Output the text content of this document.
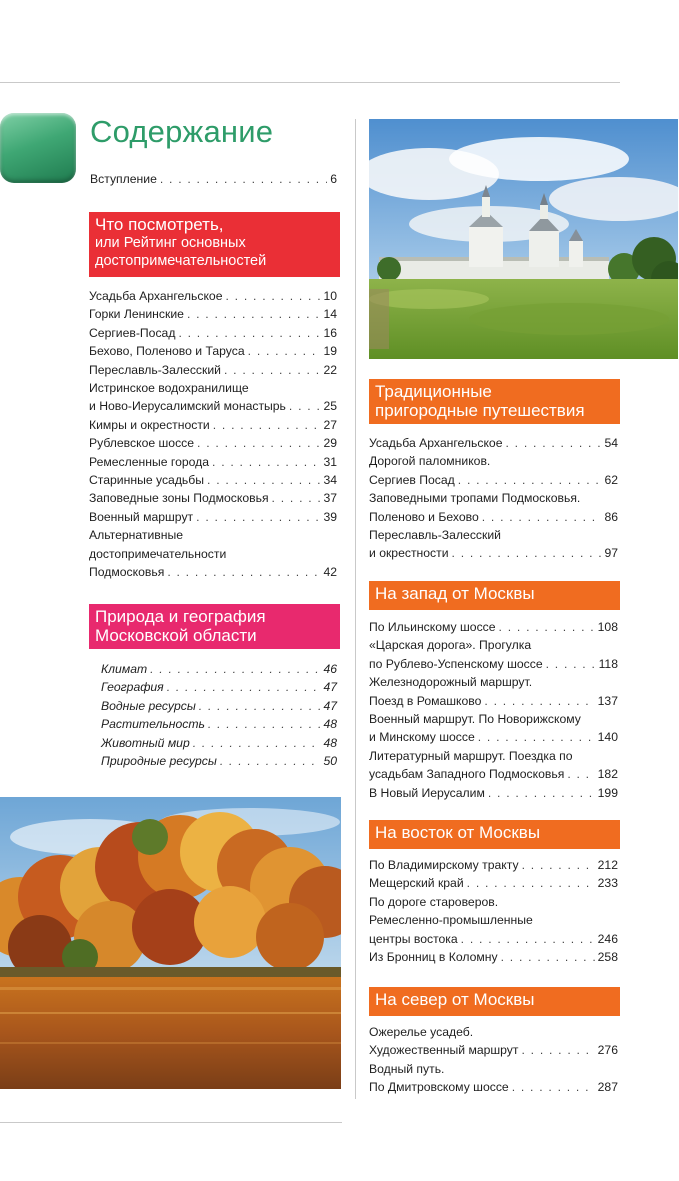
Содержание
Вступление . . .	6
Что посмотреть,
или Рейтинг основных
достопримечательностей
Усадьба Архангельское . . .	10
Горки Ленинские . . .	14
Сергиев-Посад . . .	16
Бехово, Поленово и Таруса . . .	19
Переславль-Залесский . . .	22
Истринское водохранилище
и Ново-Иерусалимский монастырь . . .	25
Кимры и окрестности . . .	27
Рублевское шоссе . . .	29
Ремесленные города . . .	31
Старинные усадьбы . . .	34
Заповедные зоны Подмосковья . . .	37
Военный маршрут . . .	39
Альтернативные
достопримечательности
Подмосковья . . .	42
Природа и география
Московской области
Климат . . .	46
География . . .	47
Водные ресурсы . . .	47
Растительность . . .	48
Животный мир . . .	48
Природные ресурсы . . .	50
Традиционные
пригородные путешествия
Усадьба Архангельское . . .	54
Дорогой паломников.
Сергиев Посад . . .	62
Заповедными тропами Подмосковья.
Поленово и Бехово . . .	86
Переславль-Залесский
и окрестности . . .	97
На запад от Москвы
По Ильинскому шоссе . . .	108
«Царская дорога». Прогулка
по Рублево-Успенскому шоссе . . .	118
Железнодорожный маршрут.
Поезд в Ромашково . . .	137
Военный маршрут. По Новорижскому
и Минскому шоссе . . .	140
Литературный маршрут. Поездка по
усадьбам Западного Подмосковья . . .	182
В Новый Иерусалим . . .	199
На восток от Москвы
По Владимирскому тракту . . .	212
Мещерский край . . .	233
По дороге староверов.
Ремесленно-промышленные
центры востока . . .	246
Из Бронниц в Коломну . . .	258
На север от Москвы
Ожерелье усадеб.
Художественный маршрут . . .	276
Водный путь.
По Дмитровскому шоссе . . .	287
